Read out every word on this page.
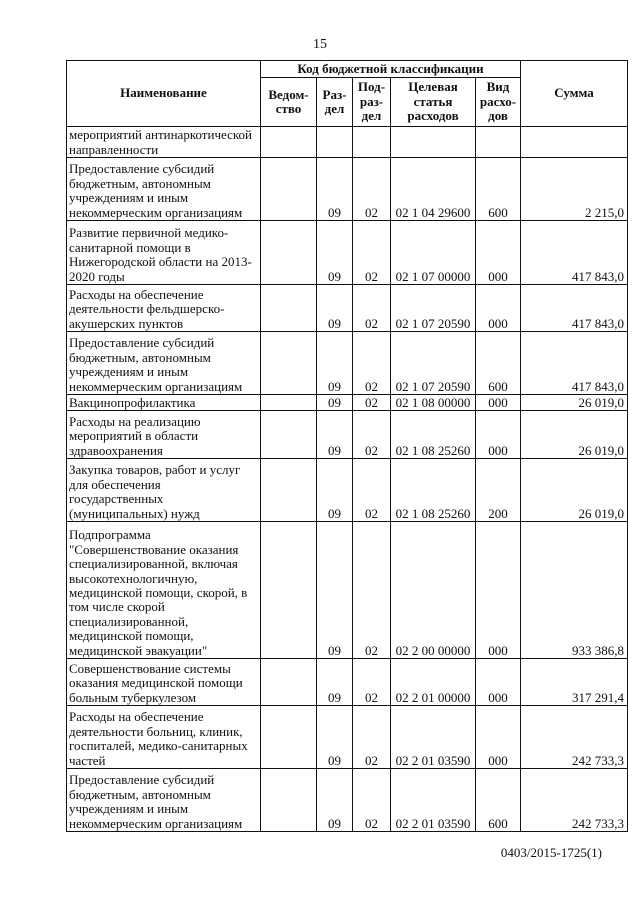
15
Наименование	Код бюджетной классификации					Сумма
	Ведом-ство	Раз-дел	Под-раз-дел	Целевая статья расходов	Вид расхо-дов	
мероприятий антинаркотической направленности						
Предоставление субсидий бюджетным, автономным учреждениям и иным некоммерческим организациям		09	02	02 1 04 29600	600	2 215,0
Развитие первичной медико-санитарной помощи в Нижегородской области на 2013-2020 годы		09	02	02 1 07 00000	000	417 843,0
Расходы на обеспечение деятельности фельдшерско-акушерских пунктов		09	02	02 1 07 20590	000	417 843,0
Предоставление субсидий бюджетным, автономным учреждениям и иным некоммерческим организациям		09	02	02 1 07 20590	600	417 843,0
Вакцинопрофилактика		09	02	02 1 08 00000	000	26 019,0
Расходы на реализацию мероприятий в области здравоохранения		09	02	02 1 08 25260	000	26 019,0
Закупка товаров, работ и услуг для обеспечения государственных (муниципальных) нужд		09	02	02 1 08 25260	200	26 019,0
Подпрограмма "Совершенствование оказания специализированной, включая высокотехнологичную, медицинской помощи, скорой, в том числе скорой специализированной, медицинской помощи, медицинской эвакуации"		09	02	02 2 00 00000	000	933 386,8
Совершенствование системы оказания медицинской помощи больным туберкулезом		09	02	02 2 01 00000	000	317 291,4
Расходы на обеспечение деятельности больниц, клиник, госпиталей, медико-санитарных частей		09	02	02 2 01 03590	000	242 733,3
Предоставление субсидий бюджетным, автономным учреждениям и иным некоммерческим организациям		09	02	02 2 01 03590	600	242 733,3
0403/2015-1725(1)
